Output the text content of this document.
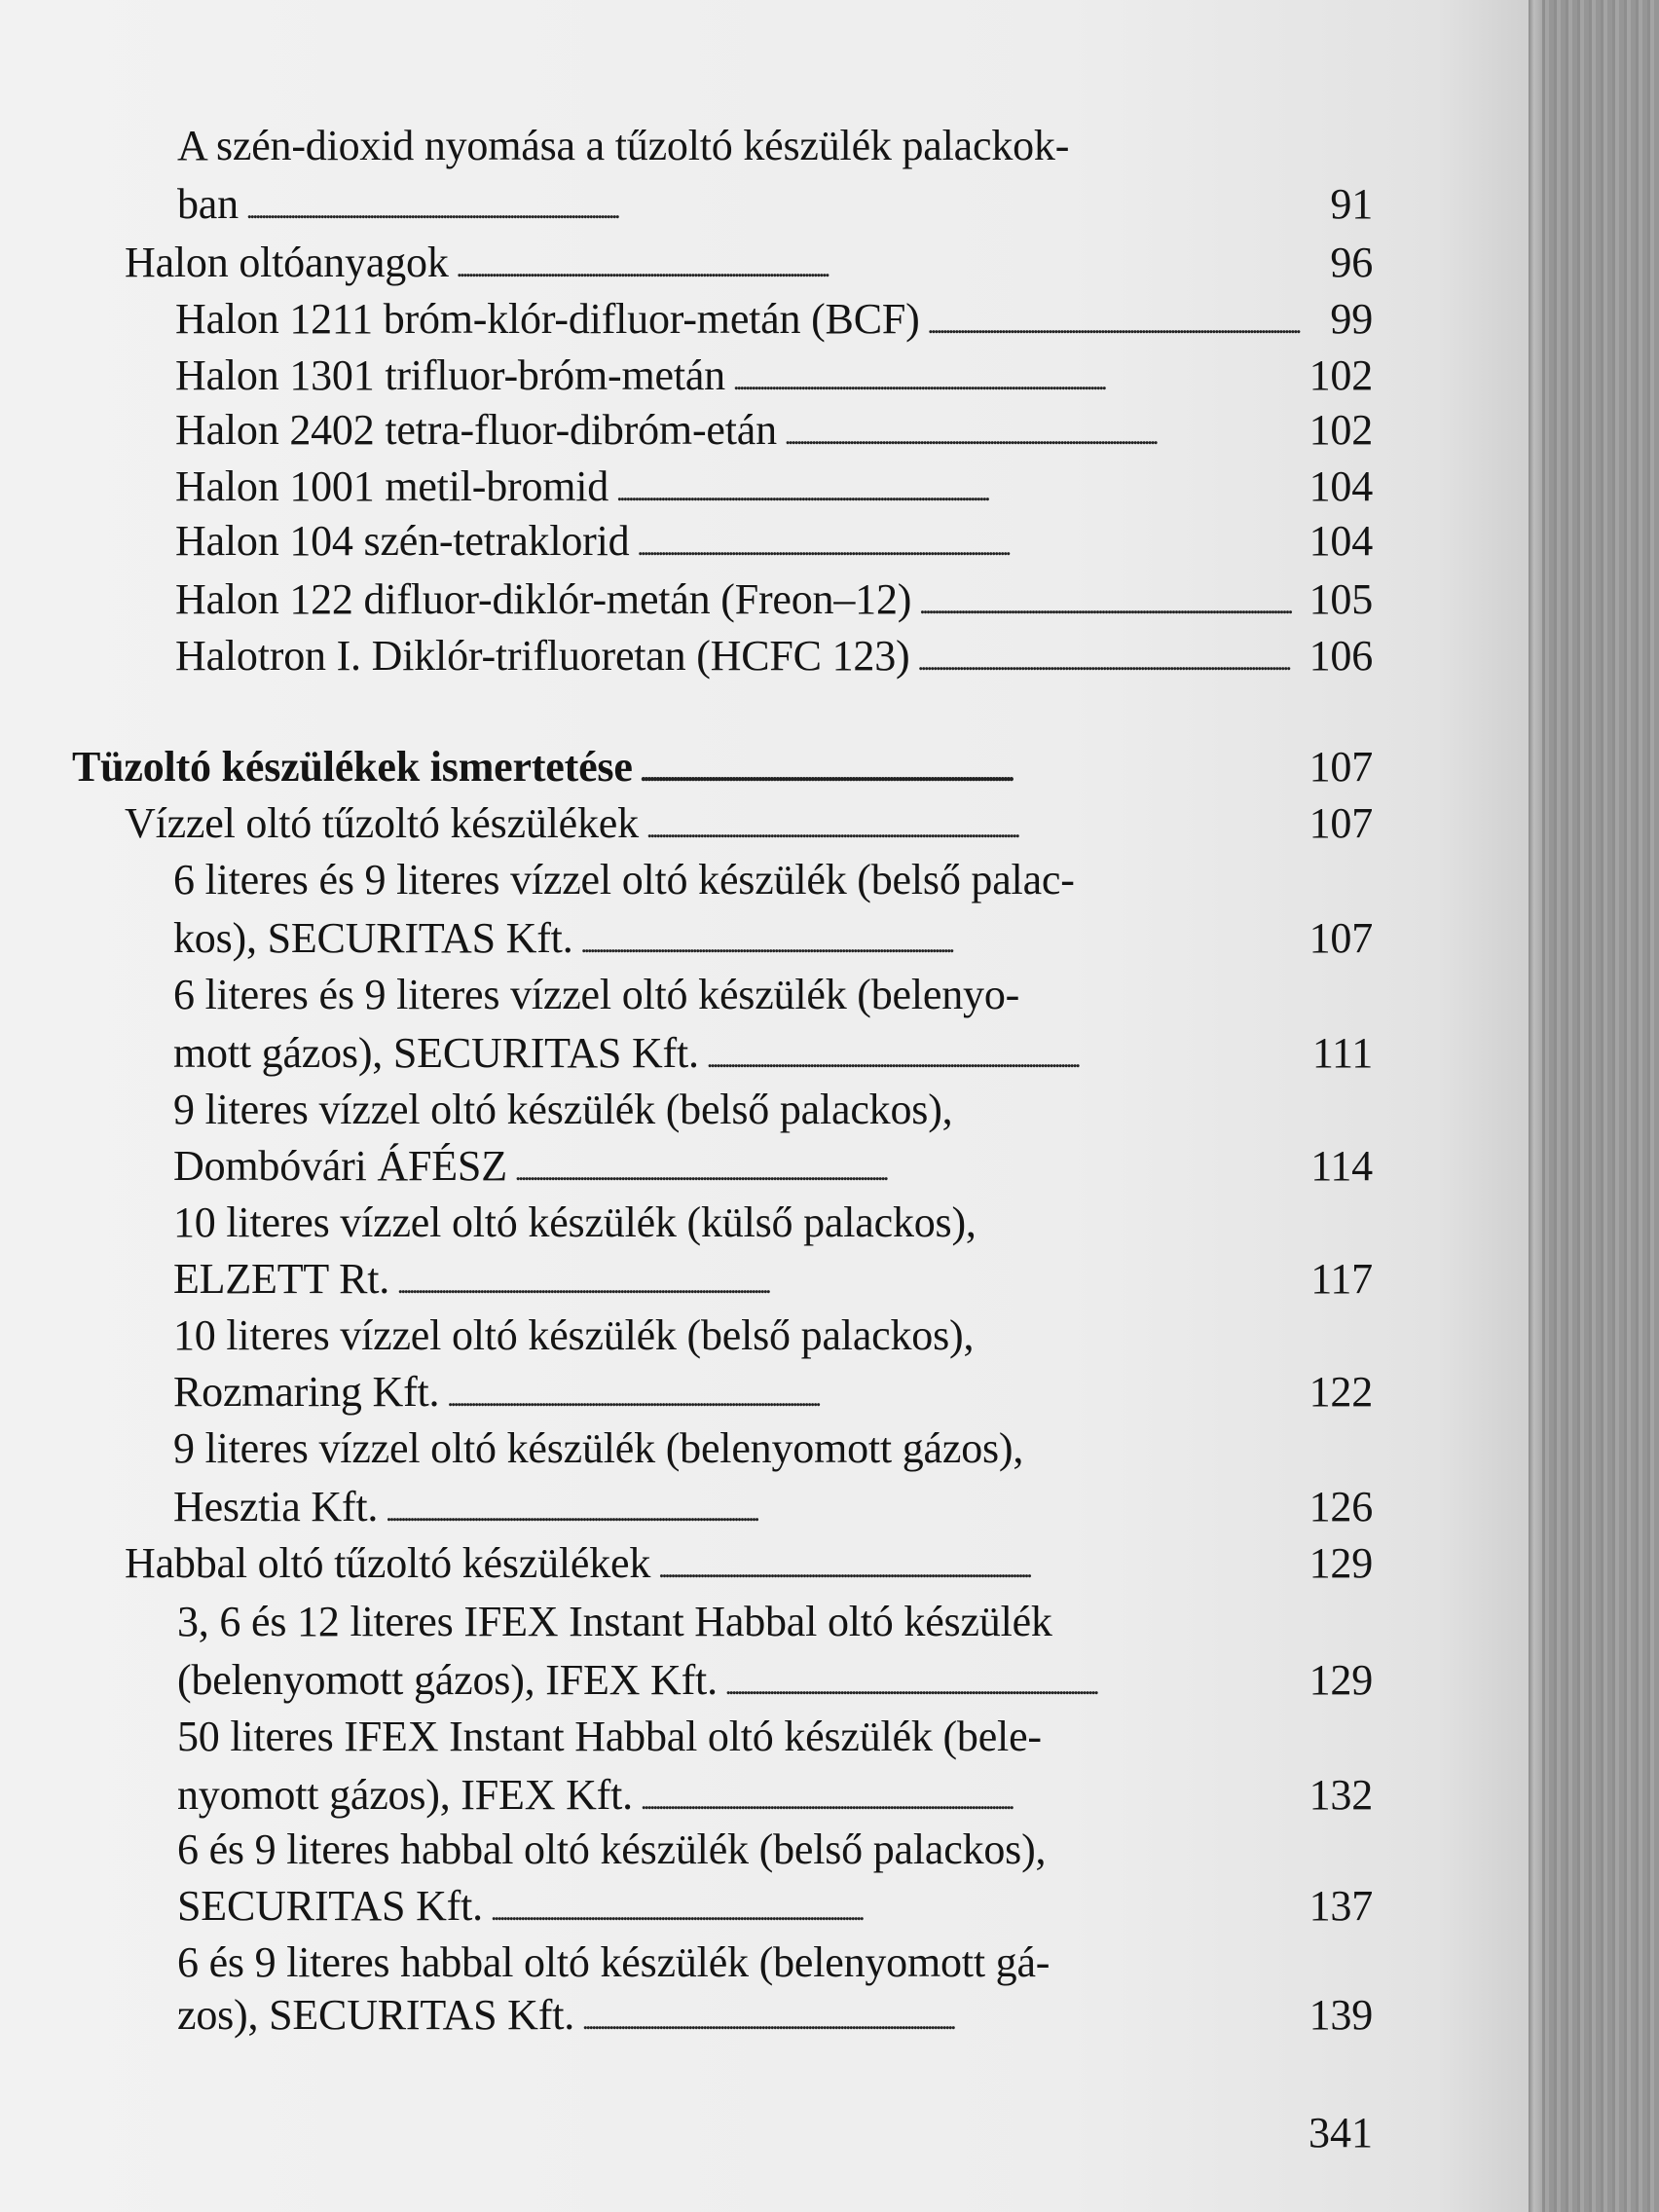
A szén-dioxid nyomása a tűzoltó készülék palackok-
ban . . .	91
Halon oltóanyagok . . .	96
Halon 1211 bróm-klór-difluor-metán (BCF) . . .	99
Halon 1301 trifluor-bróm-metán . . .	102
Halon 2402 tetra-fluor-dibróm-etán . . .	102
Halon 1001 metil-bromid . . .	104
Halon 104 szén-tetraklorid . . .	104
Halon 122 difluor-diklór-metán (Freon–12) . . .	105
Halotron I. Diklór-trifluoretan (HCFC 123) . . .	106
Tüzoltó készülékek ismertetése . . .	107
Vízzel oltó tűzoltó készülékek . . .	107
6 literes és 9 literes vízzel oltó készülék (belső palac-
kos), SECURITAS Kft. . . .	107
6 literes és 9 literes vízzel oltó készülék (belenyo-
mott gázos), SECURITAS Kft. . . .	111
9 literes vízzel oltó készülék (belső palackos),
Dombóvári ÁFÉSZ . . .	114
10 literes vízzel oltó készülék (külső palackos),
ELZETT Rt. . . .	117
10 literes vízzel oltó készülék (belső palackos),
Rozmaring Kft. . . .	122
9 literes vízzel oltó készülék (belenyomott gázos),
Hesztia Kft. . . .	126
Habbal oltó tűzoltó készülékek . . .	129
3, 6 és 12 literes IFEX Instant Habbal oltó készülék
(belenyomott gázos), IFEX Kft. . . .	129
50 literes IFEX Instant Habbal oltó készülék (bele-
nyomott gázos), IFEX Kft. . . .	132
6 és 9 literes habbal oltó készülék (belső palackos),
SECURITAS Kft. . . .	137
6 és 9 literes habbal oltó készülék (belenyomott gá-
zos), SECURITAS Kft. . . .	139
341
